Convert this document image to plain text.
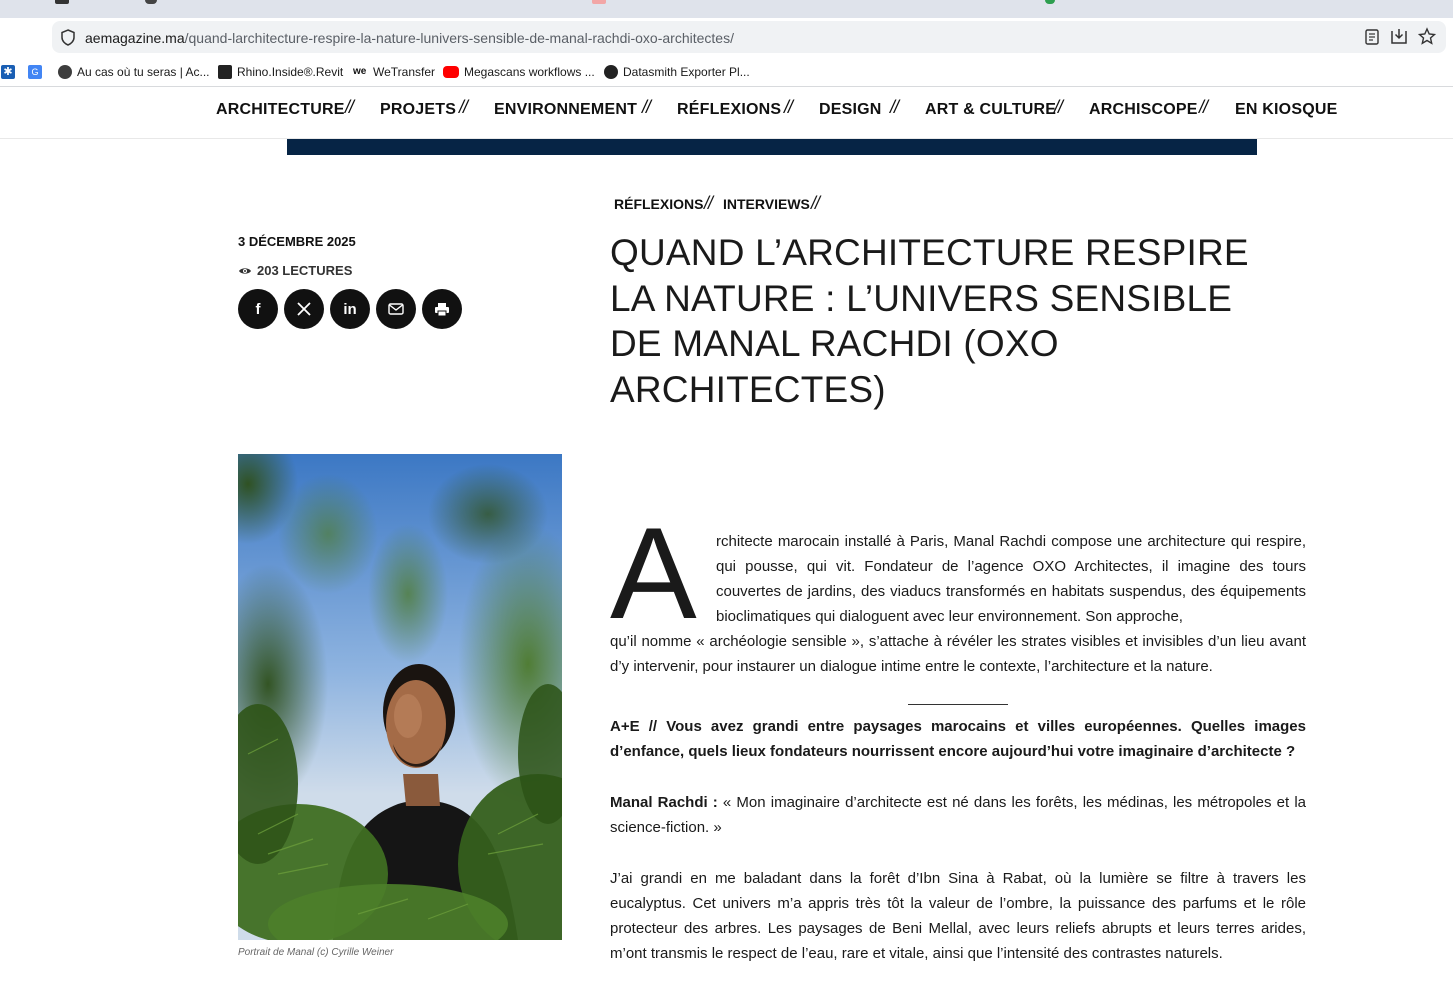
aemagazine.ma/quand-larchitecture-respire-la-nature-lunivers-sensible-de-manal-rachdi-oxo-architectes/
✱	G	Au cas où tu seras | Ac... Rhino.Inside®.Revit we WeTransfer Megascans workflows ... Datasmith Exporter Pl...
ARCHITECTURE // PROJETS // ENVIRONNEMENT // RÉFLEXIONS // DESIGN // ART & CULTURE
// ARCHISCOPE // EN KIOSQUE
RÉFLEXIONS // INTERVIEWS //
3 DÉCEMBRE 2025
203 LECTURES
f	in
QUAND L’ARCHITECTURE RESPIRE LA NATURE : L’UNIVERS SENSIBLE DE MANAL RACHDI (OXO ARCHITECTES)
Portrait de Manal (c) Cyrille Weiner
A rchitecte marocain installé à Paris, Manal Rachdi compose une architecture qui respire, qui pousse, qui vit. Fondateur de l’agence OXO Architectes, il imagine des tours couvertes de jardins, des viaducs transformés en habitats suspendus, des équipements bioclimatiques qui dialoguent avec leur environnement. Son approche,
qu’il nomme « archéologie sensible », s’attache à révéler les strates visibles et invisibles d’un lieu avant d’y intervenir, pour instaurer un dialogue intime entre le contexte, l’architecture et la nature.
A+E // Vous avez grandi entre paysages marocains et villes européennes. Quelles images d’enfance, quels lieux fondateurs nourrissent encore aujourd’hui votre imaginaire d’architecte ?
Manal Rachdi : « Mon imaginaire d’architecte est né dans les forêts, les médinas, les métropoles et la science-fiction. »
J’ai grandi en me baladant dans la forêt d’Ibn Sina à Rabat, où la lumière se filtre à travers les eucalyptus. Cet univers m’a appris très tôt la valeur de l’ombre, la puissance des parfums et le rôle protecteur des arbres. Les paysages de Beni Mellal, avec leurs reliefs abrupts et leurs terres arides, m’ont transmis le respect de l’eau, rare et vitale, ainsi que l’intensité des contrastes naturels.
